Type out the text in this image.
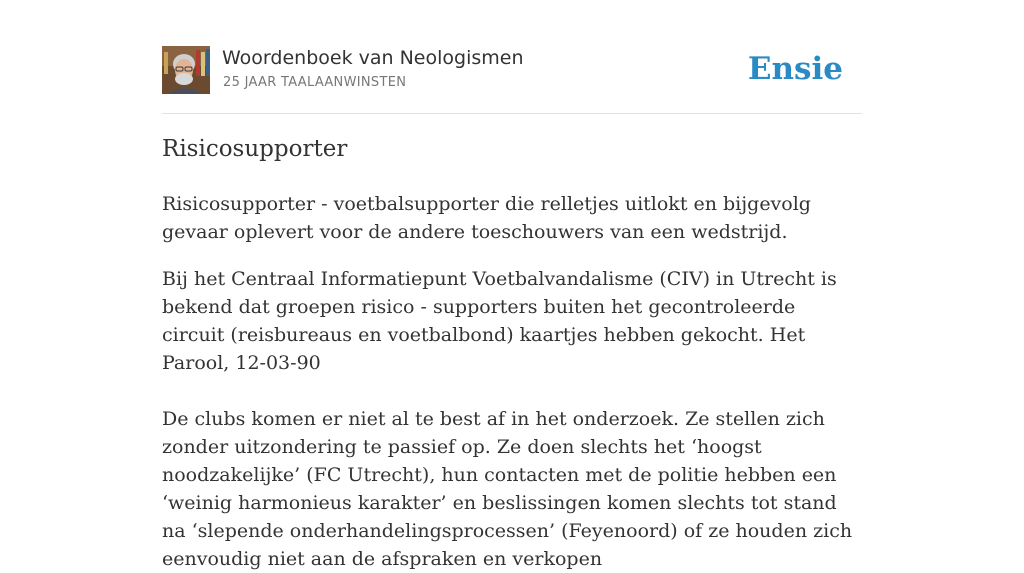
Woordenboek van Neologismen
25 JAAR TAALAANWINSTEN	Ensie
Risicosupporter

Risicosupporter - voetbalsupporter die relletjes uitlokt en bijgevolg gevaar oplevert voor de andere toeschouwers van een wedstrijd.

Bij het Centraal Informatiepunt Voetbalvandalisme (CIV) in Utrecht is bekend dat groepen risico - supporters buiten het gecontroleerde circuit (reisbureaus en voetbalbond) kaartjes hebben gekocht. Het Parool, 12-03-90

De clubs komen er niet al te best af in het onderzoek. Ze stellen zich zonder uitzondering te passief op. Ze doen slechts het ‘hoogst noodzakelijke’ (FC Utrecht), hun contacten met de politie hebben een ‘weinig harmonieus karakter’ en beslissingen komen slechts tot stand na ‘slepende onderhandelingsprocessen’ (Feyenoord) of ze houden zich eenvoudig niet aan de afspraken en verkopen
